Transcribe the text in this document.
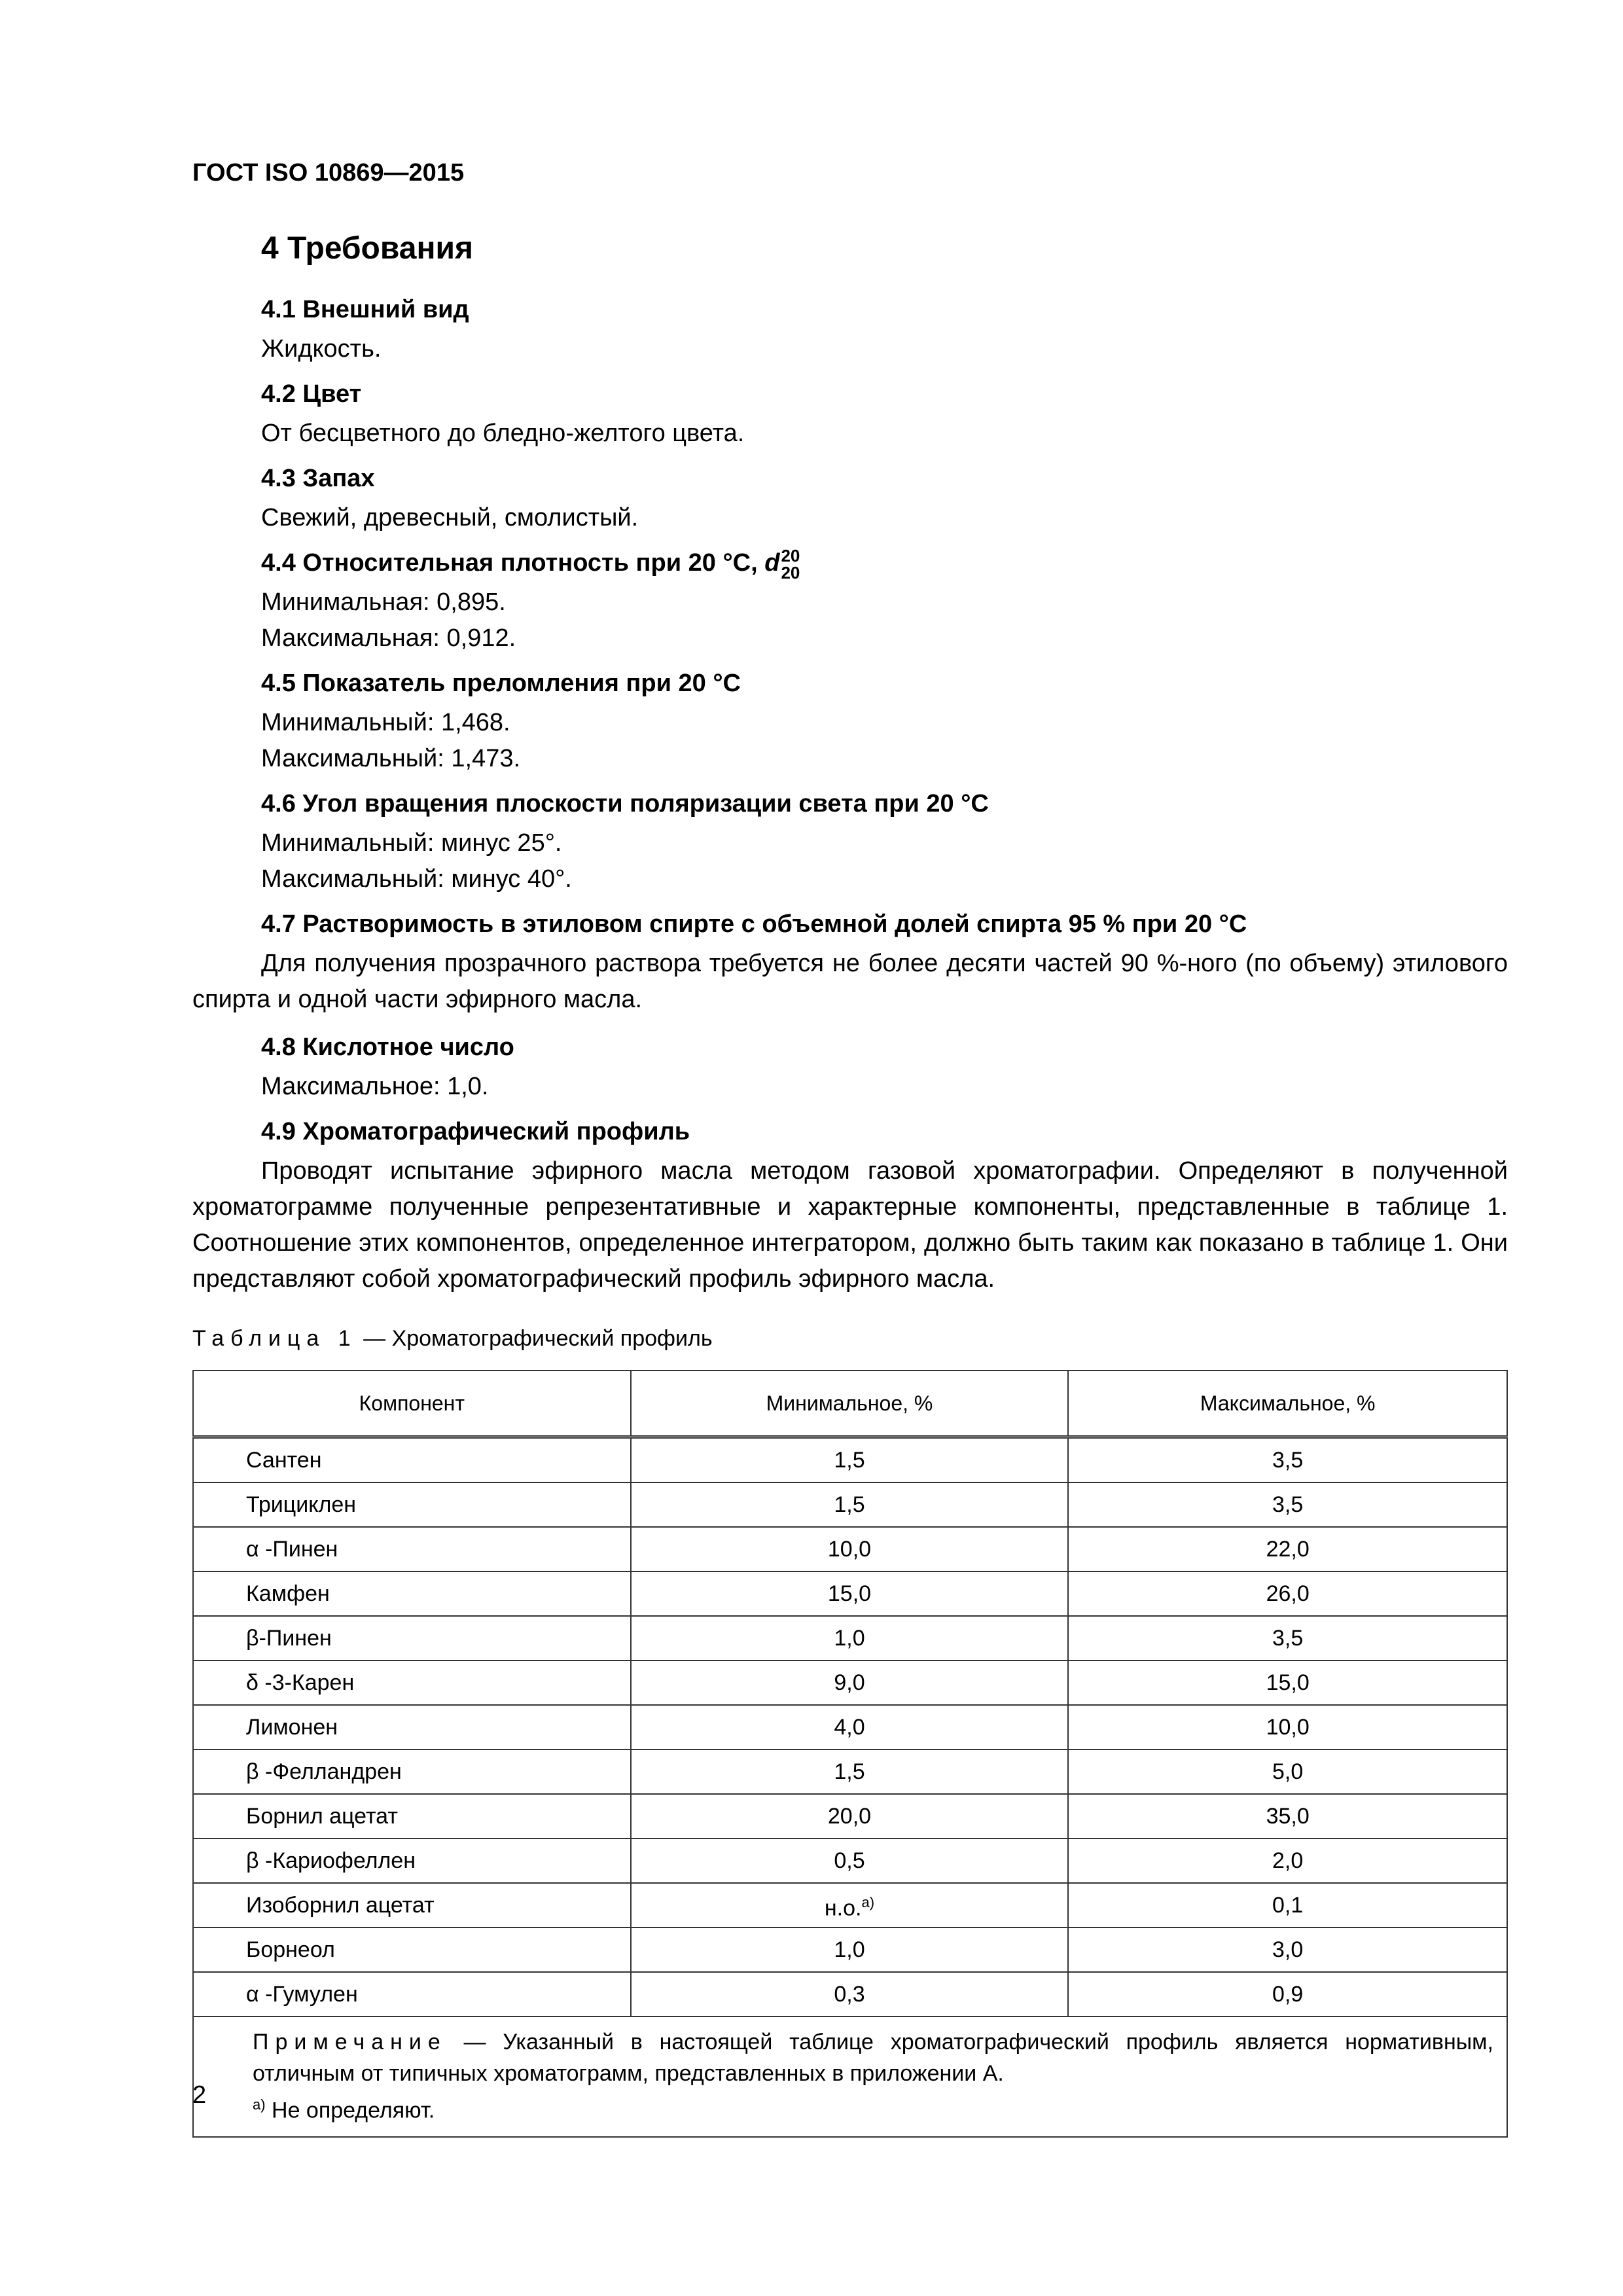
ГОСТ ISO 10869—2015

4 Требования
4.1 Внешний вид

Жидкость.

4.2 Цвет

От бесцветного до бледно-желтого цвета.

4.3 Запах

Свежий, древесный, смолистый.

4.4 Относительная плотность при 20 °С, d 20
20

Минимальная: 0,895.

Максимальная: 0,912.

4.5 Показатель преломления при 20 °С

Минимальный: 1,468.

Максимальный: 1,473.

4.6 Угол вращения плоскости поляризации света при 20 °С

Минимальный: минус 25°.

Максимальный: минус 40°.

4.7 Растворимость в этиловом спирте с объемной долей спирта 95 % при 20 °С

Для получения прозрачного раствора требуется не более десяти частей 90 %-ного (по объему) этилового спирта и одной части эфирного масла.

4.8 Кислотное число

Максимальное: 1,0.

4.9 Хроматографический профиль

Проводят испытание эфирного масла методом газовой хроматографии. Определяют в полученной хроматограмме полученные репрезентативные и характерные компоненты, представленные в таблице 1. Соотношение этих компонентов, определенное интегратором, должно быть таким как показано в таблице 1. Они представляют собой хроматографический профиль эфирного масла.

Таблица 1 — Хроматографический профиль

Компонент	Минимальное, %	Максимальное, %
Сантен	1,5	3,5
Трициклен	1,5	3,5
α -Пинен	10,0	22,0
Камфен	15,0	26,0
β-Пинен	1,0	3,5
δ -3-Карен	9,0	15,0
Лимонен	4,0	10,0
β -Фелландрен	1,5	5,0
Борнил ацетат	20,0	35,0
β -Кариофеллен	0,5	2,0
Изоборнил ацетат	н.о.$^{а)}$	0,1
Борнеол	1,0	3,0
α -Гумулен	0,3	0,9

Примечание — Указанный в настоящей таблице хроматографический профиль является нормативным, отличным от типичных хроматограмм, представленных в приложении А.
$^{а)}$ Не определяют.		

2
